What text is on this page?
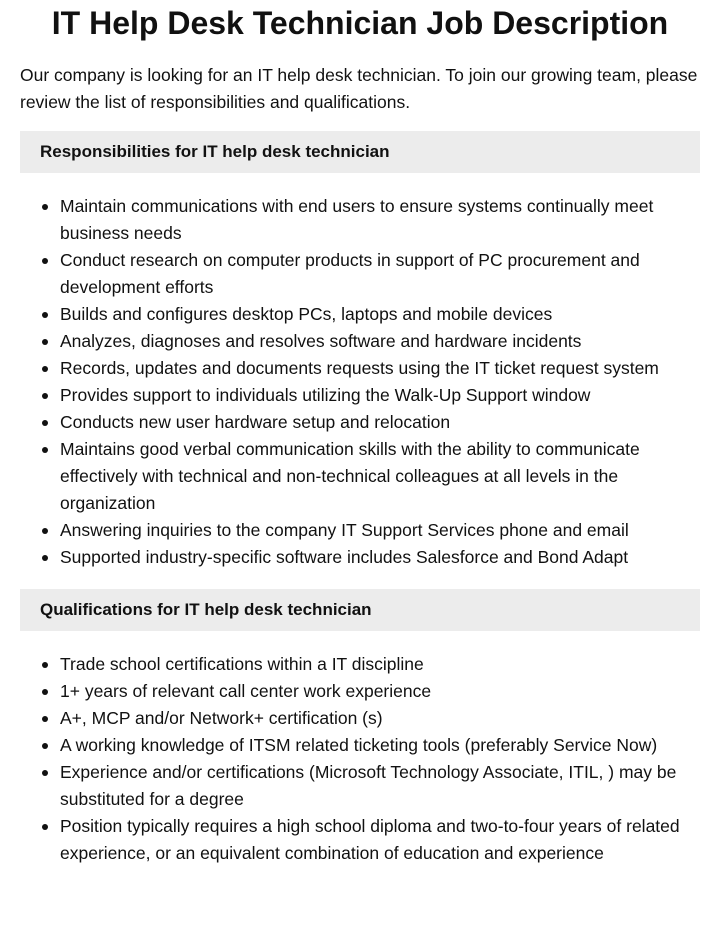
IT Help Desk Technician Job Description

Our company is looking for an IT help desk technician. To join our growing team, please review the list of responsibilities and qualifications.

Responsibilities for IT help desk technician
Maintain communications with end users to ensure systems continually meet business needs
Conduct research on computer products in support of PC procurement and development efforts
Builds and configures desktop PCs, laptops and mobile devices
Analyzes, diagnoses and resolves software and hardware incidents
Records, updates and documents requests using the IT ticket request system
Provides support to individuals utilizing the Walk-Up Support window
Conducts new user hardware setup and relocation
Maintains good verbal communication skills with the ability to communicate effectively with technical and non-technical colleagues at all levels in the organization
Answering inquiries to the company IT Support Services phone and email
Supported industry-specific software includes Salesforce and Bond Adapt
Qualifications for IT help desk technician
Trade school certifications within a IT discipline
1+ years of relevant call center work experience
A+, MCP and/or Network+ certification (s)
A working knowledge of ITSM related ticketing tools (preferably Service Now)
Experience and/or certifications (Microsoft Technology Associate, ITIL, ) may be substituted for a degree
Position typically requires a high school diploma and two-to-four years of related experience, or an equivalent combination of education and experience
